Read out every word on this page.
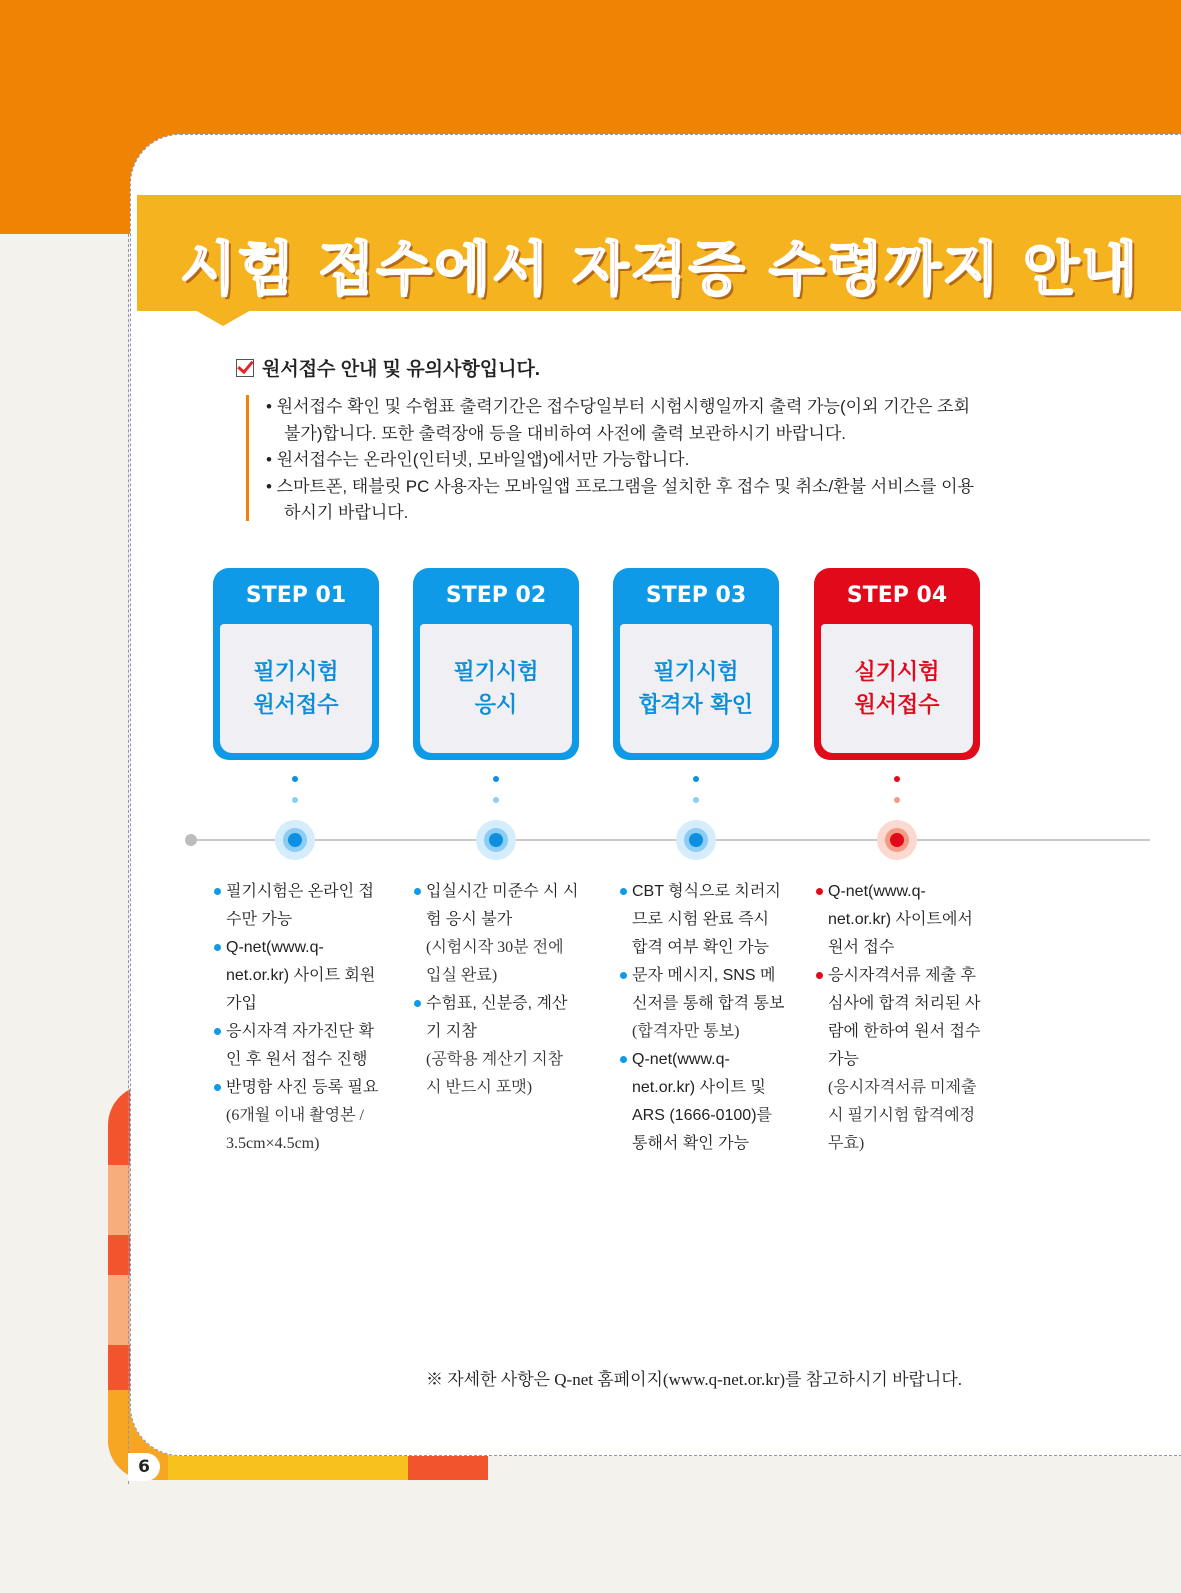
시험 접수에서 자격증 수령까지 안내
원서접수 안내 및 유의사항입니다.
• 원서접수 확인 및 수험표 출력기간은 접수당일부터 시험시행일까지 출력 가능(이외 기간은 조회불가)합니다. 또한 출력장애 등을 대비하여 사전에 출력 보관하시기 바랍니다.
• 원서접수는 온라인(인터넷, 모바일앱)에서만 가능합니다.
• 스마트폰, 태블릿 PC 사용자는 모바일앱 프로그램을 설치한 후 접수 및 취소/환불 서비스를 이용하시기 바랍니다.
STEP 01
필기시험
원서접수
STEP 02
필기시험
응시
STEP 03
필기시험
합격자 확인
STEP 04
실기시험
원서접수
필기시험은 온라인 접수만 가능
Q-net(www.q-net.or.kr) 사이트 회원 가입
응시자격 자가진단 확인 후 원서 접수 진행
반명함 사진 등록 필요
(6개월 이내 촬영본 / 3.5cm×4.5cm)
입실시간 미준수 시 시험 응시 불가
(시험시작 30분 전에 입실 완료)
수험표, 신분증, 계산기 지참
(공학용 계산기 지참 시 반드시 포맷)
CBT 형식으로 치러지므로 시험 완료 즉시 합격 여부 확인 가능
문자 메시지, SNS 메신저를 통해 합격 통보
(합격자만 통보)
Q-net(www.q-net.or.kr) 사이트 및 ARS (1666-0100)를 통해서 확인 가능
Q-net(www.q-net.or.kr) 사이트에서 원서 접수
응시자격서류 제출 후 심사에 합격 처리된 사람에 한하여 원서 접수 가능
(응시자격서류 미제출 시 필기시험 합격예정 무효)
※ 자세한 사항은 Q-net 홈페이지(www.q-net.or.kr)를 참고하시기 바랍니다.
6
